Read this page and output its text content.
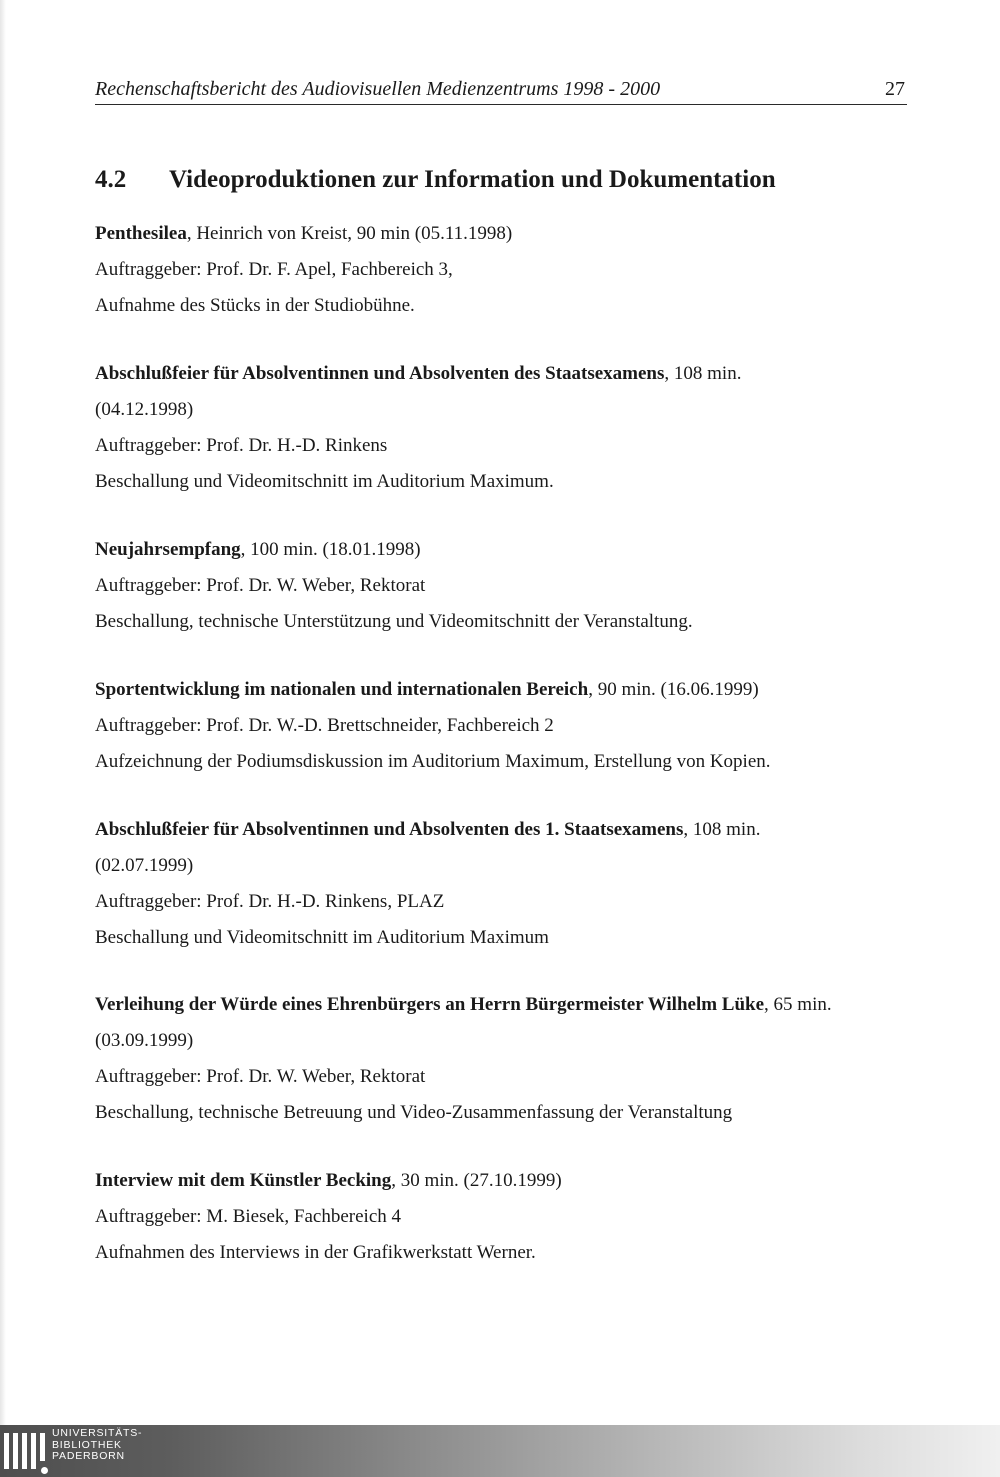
Rechenschaftsbericht des Audiovisuellen Medienzentrums 1998 - 2000	27
4.2 Videoproduktionen zur Information und Dokumentation
Penthesilea, Heinrich von Kreist, 90 min (05.11.1998)
Auftraggeber: Prof. Dr. F. Apel, Fachbereich 3,
Aufnahme des Stücks in der Studiobühne.
Abschlußfeier für Absolventinnen und Absolventen des Staatsexamens, 108 min.
(04.12.1998)
Auftraggeber: Prof. Dr. H.-D. Rinkens
Beschallung und Videomitschnitt im Auditorium Maximum.
Neujahrsempfang, 100 min. (18.01.1998)
Auftraggeber: Prof. Dr. W. Weber, Rektorat
Beschallung, technische Unterstützung und Videomitschnitt der Veranstaltung.
Sportentwicklung im nationalen und internationalen Bereich, 90 min. (16.06.1999)
Auftraggeber: Prof. Dr. W.-D. Brettschneider, Fachbereich 2
Aufzeichnung der Podiumsdiskussion im Auditorium Maximum, Erstellung von Kopien.
Abschlußfeier für Absolventinnen und Absolventen des 1. Staatsexamens, 108 min.
(02.07.1999)
Auftraggeber: Prof. Dr. H.-D. Rinkens, PLAZ
Beschallung und Videomitschnitt im Auditorium Maximum
Verleihung der Würde eines Ehrenbürgers an Herrn Bürgermeister Wilhelm Lüke, 65 min.
(03.09.1999)
Auftraggeber: Prof. Dr. W. Weber, Rektorat
Beschallung, technische Betreuung und Video-Zusammenfassung der Veranstaltung
Interview mit dem Künstler Becking, 30 min. (27.10.1999)
Auftraggeber: M. Biesek, Fachbereich 4
Aufnahmen des Interviews in der Grafikwerkstatt Werner.
UNIVERSITÄTS-
BIBLIOTHEK
PADERBORN
